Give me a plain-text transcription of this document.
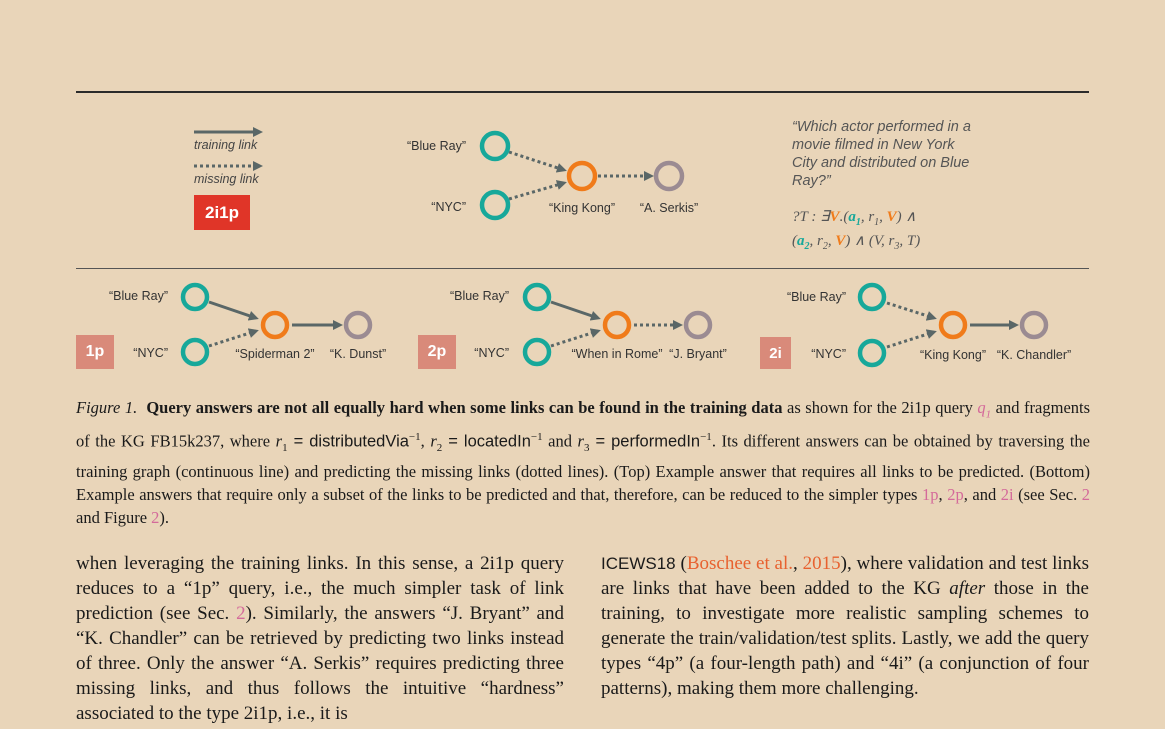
training link
missing link
“Blue Ray”
“NYC”	“King Kong” “A. Serkis”
“Blue Ray”
“NYC”	“Spiderman 2” “K. Dunst”
“Blue Ray”
“NYC”	“When in Rome” “J. Bryant”
“Blue Ray”
“NYC”	“King Kong” “K. Chandler”
2i1p
1p	2p	2i
“Which actor performed in a movie filmed in New York City and distributed on Blue Ray?”
?T : $\exists V.(a_1$, $r_1$, V) ∧
($a_2$, $r_2$, V) ∧ (V, $r_3$, T)
Figure 1. Query answers are not all equally hard when some links can be found in the training data as shown for the 2i1p query $q_1$ and fragments of the KG FB15k237, where $r_1$ = distributedVia$^{-1}$, $r_2$ = locatedIn$^{-1}$ and $r_3$ = performedIn$^{-1}$. Its different answers can be obtained by traversing the training graph (continuous line) and predicting the missing links (dotted lines). (Top) Example answer that requires all links to be predicted. (Bottom) Example answers that require only a subset of the links to be predicted and that, therefore, can be reduced to the simpler types 1p, 2p, and 2i (see Sec. 2 and Figure 2).
when leveraging the training links. In this sense, a 2i1p query reduces to a “1p” query, i.e., the much simpler task of link prediction (see Sec. 2). Similarly, the answers “J. Bryant” and “K. Chandler” can be retrieved by predicting two links instead of three. Only the answer “A. Serkis” requires predicting three missing links, and thus follows the intuitive “hardness” associated to the type 2i1p, i.e., it is
ICEWS18 (Boschee et al., 2015), where validation and test links are links that have been added to the KG after those in the training, to investigate more realistic sampling schemes to generate the train/validation/test splits. Lastly, we add the query types “4p” (a four-length path) and “4i” (a conjunction of four patterns), making them more challenging.
